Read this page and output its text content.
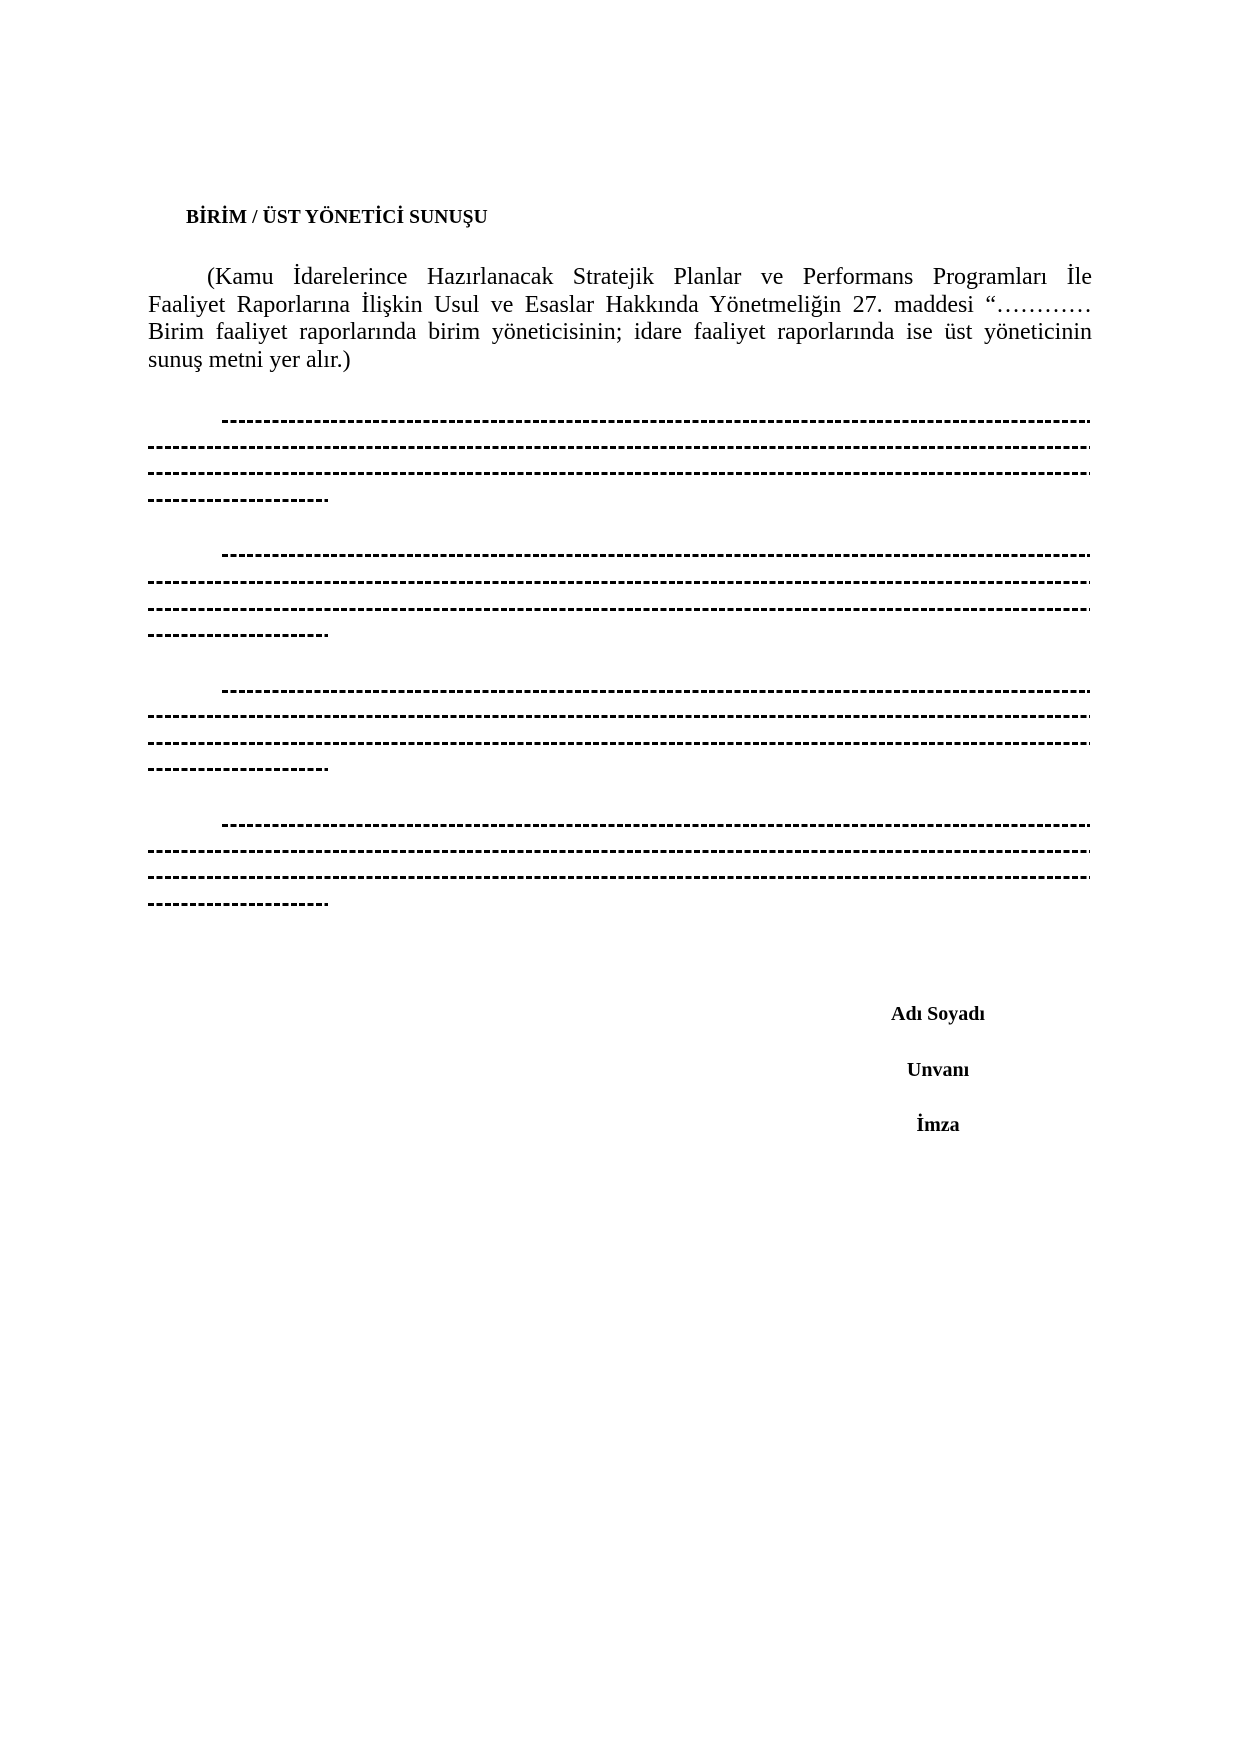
BİRİM / ÜST YÖNETİCİ SUNUŞU
(Kamu İdarelerince Hazırlanacak Stratejik Planlar ve Performans Programları İle
Faaliyet Raporlarına İlişkin Usul ve Esaslar Hakkında Yönetmeliğin 27. maddesi “…………
Birim faaliyet raporlarında birim yöneticisinin; idare faaliyet raporlarında ise üst yöneticinin
sunuş metni yer alır.)
Adı Soyadı
Unvanı
İmza
